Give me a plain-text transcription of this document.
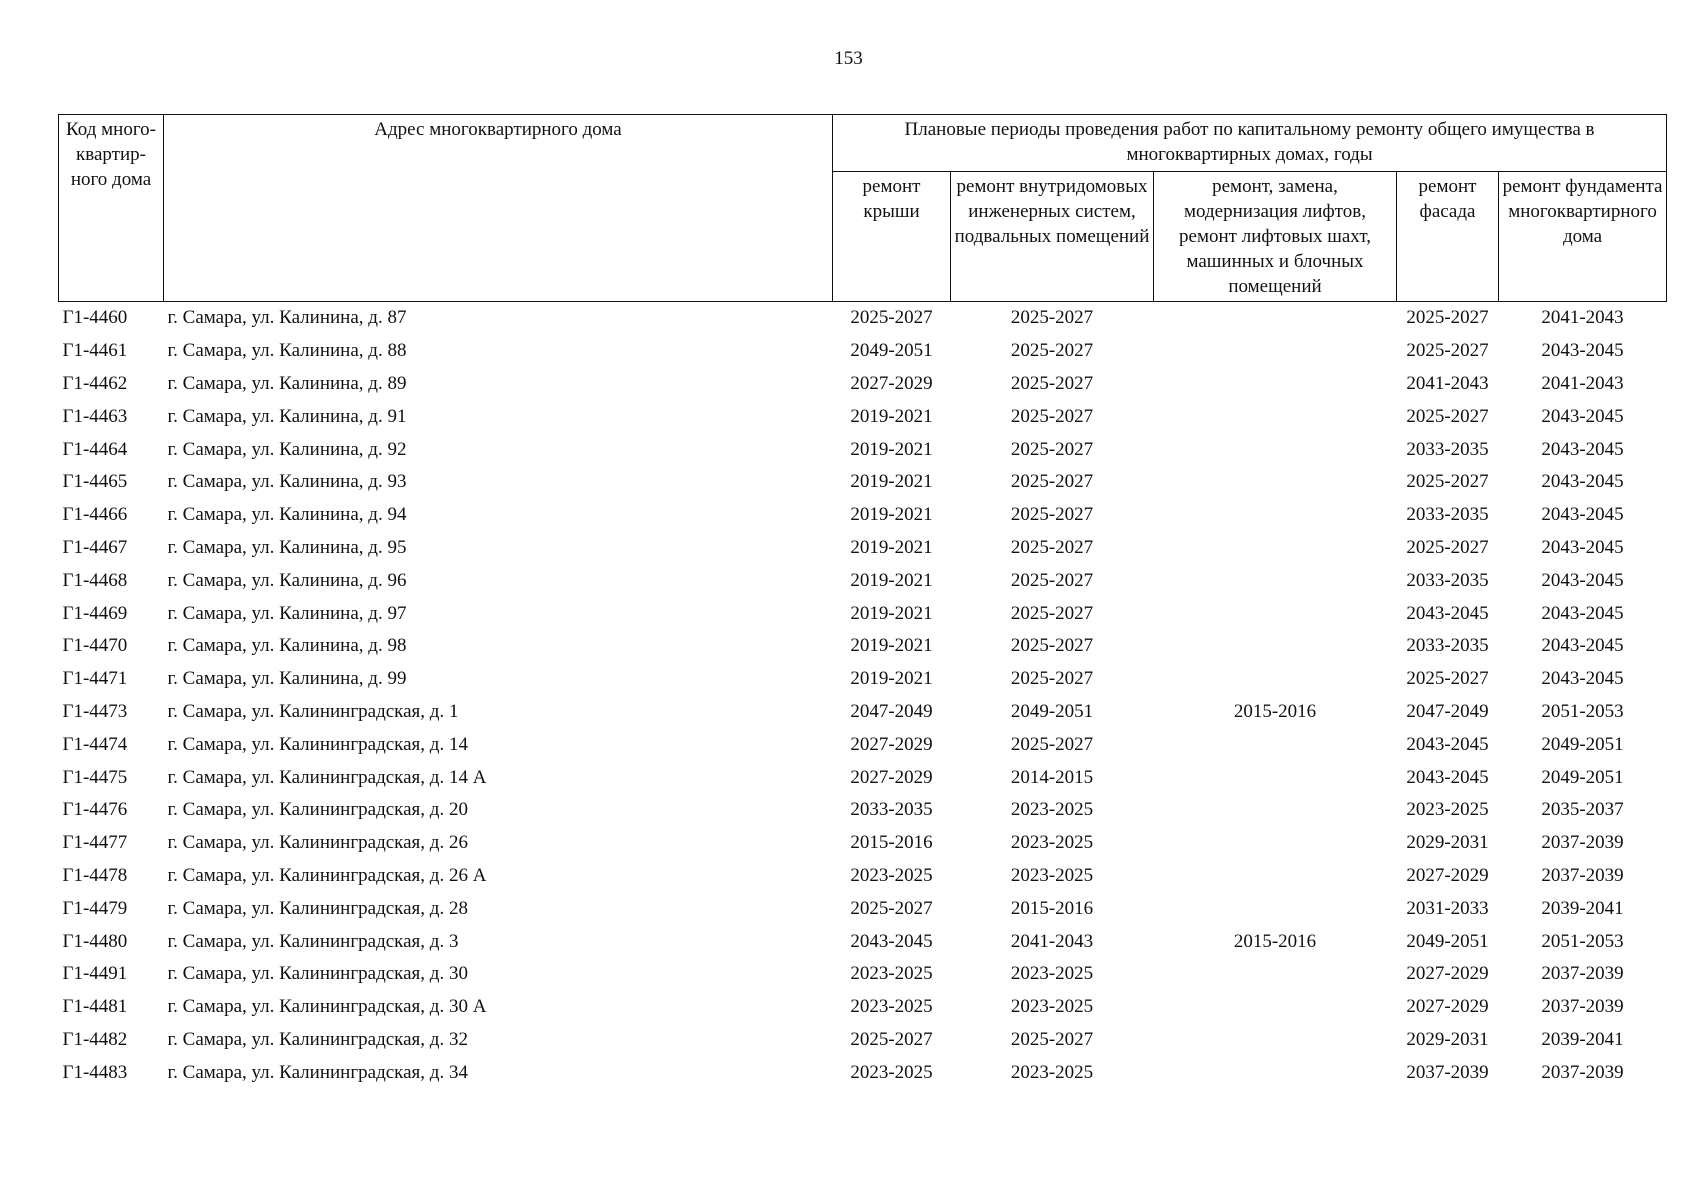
153
Код много-квартир-ного дома	Адрес многоквартирного дома	Плановые периоды проведения работ по капитальному ремонту общего имущества в многоквартирных домах, годы				
		ремонт крыши	ремонт внутридомовых инженерных систем, подвальных помещений	ремонт, замена, модернизация лифтов, ремонт лифтовых шахт, машинных и блочных помещений	ремонт фасада	ремонт фундамента многоквартирного дома
Г1-4460	г. Самара, ул. Калинина, д. 87	2025-2027	2025-2027		2025-2027	2041-2043
Г1-4461	г. Самара, ул. Калинина, д. 88	2049-2051	2025-2027		2025-2027	2043-2045
Г1-4462	г. Самара, ул. Калинина, д. 89	2027-2029	2025-2027		2041-2043	2041-2043
Г1-4463	г. Самара, ул. Калинина, д. 91	2019-2021	2025-2027		2025-2027	2043-2045
Г1-4464	г. Самара, ул. Калинина, д. 92	2019-2021	2025-2027		2033-2035	2043-2045
Г1-4465	г. Самара, ул. Калинина, д. 93	2019-2021	2025-2027		2025-2027	2043-2045
Г1-4466	г. Самара, ул. Калинина, д. 94	2019-2021	2025-2027		2033-2035	2043-2045
Г1-4467	г. Самара, ул. Калинина, д. 95	2019-2021	2025-2027		2025-2027	2043-2045
Г1-4468	г. Самара, ул. Калинина, д. 96	2019-2021	2025-2027		2033-2035	2043-2045
Г1-4469	г. Самара, ул. Калинина, д. 97	2019-2021	2025-2027		2043-2045	2043-2045
Г1-4470	г. Самара, ул. Калинина, д. 98	2019-2021	2025-2027		2033-2035	2043-2045
Г1-4471	г. Самара, ул. Калинина, д. 99	2019-2021	2025-2027		2025-2027	2043-2045
Г1-4473	г. Самара, ул. Калининградская, д. 1	2047-2049	2049-2051	2015-2016	2047-2049	2051-2053
Г1-4474	г. Самара, ул. Калининградская, д. 14	2027-2029	2025-2027		2043-2045	2049-2051
Г1-4475	г. Самара, ул. Калининградская, д. 14 А	2027-2029	2014-2015		2043-2045	2049-2051
Г1-4476	г. Самара, ул. Калининградская, д. 20	2033-2035	2023-2025		2023-2025	2035-2037
Г1-4477	г. Самара, ул. Калининградская, д. 26	2015-2016	2023-2025		2029-2031	2037-2039
Г1-4478	г. Самара, ул. Калининградская, д. 26 А	2023-2025	2023-2025		2027-2029	2037-2039
Г1-4479	г. Самара, ул. Калининградская, д. 28	2025-2027	2015-2016		2031-2033	2039-2041
Г1-4480	г. Самара, ул. Калининградская, д. 3	2043-2045	2041-2043	2015-2016	2049-2051	2051-2053
Г1-4491	г. Самара, ул. Калининградская, д. 30	2023-2025	2023-2025		2027-2029	2037-2039
Г1-4481	г. Самара, ул. Калининградская, д. 30 А	2023-2025	2023-2025		2027-2029	2037-2039
Г1-4482	г. Самара, ул. Калининградская, д. 32	2025-2027	2025-2027		2029-2031	2039-2041
Г1-4483	г. Самара, ул. Калининградская, д. 34	2023-2025	2023-2025		2037-2039	2037-2039
